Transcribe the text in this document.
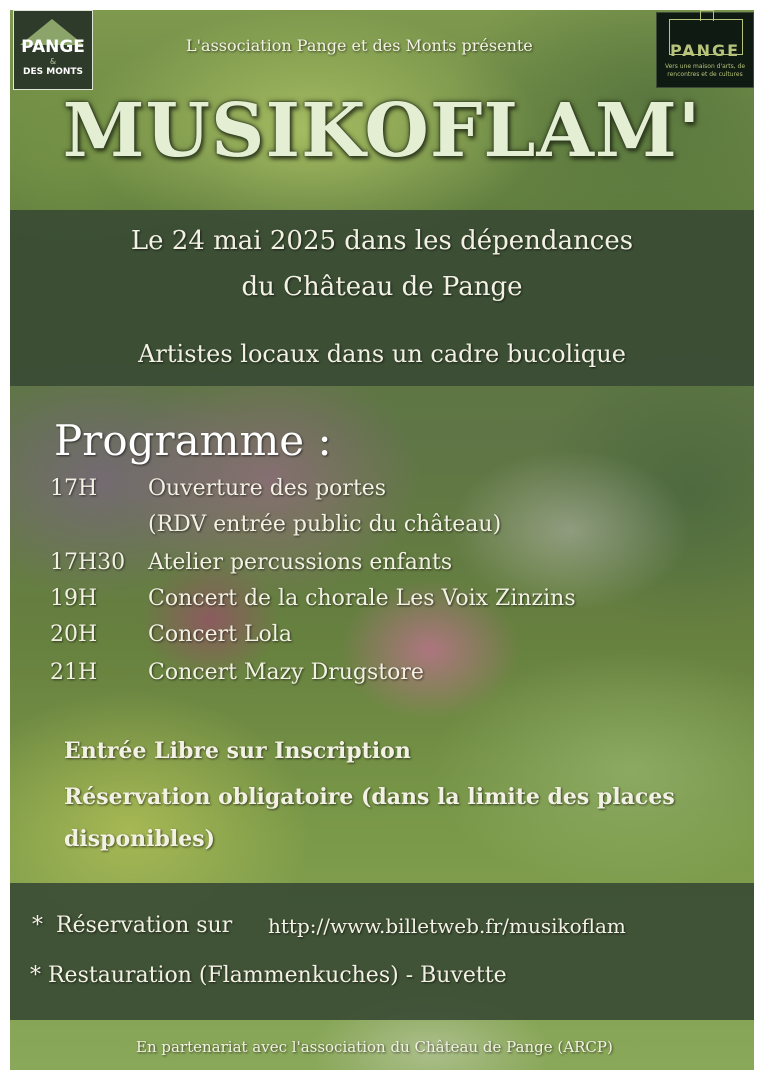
PANGE
&
DES MONTS
L'association Pange et des Monts présente	PANGE
Vers une maison d'arts, de rencontres et de cultures
MUSIKOFLAM'
Le 24 mai 2025 dans les dépendances
du Château de Pange
Artistes locaux dans un cadre bucolique
Programme :
17H Ouverture des portes
(RDV entrée public du château)
17H30 Atelier percussions enfants
19H Concert de la chorale Les Voix Zinzins
20H Concert Lola
21H Concert Mazy Drugstore
Entrée Libre sur Inscription
Réservation obligatoire (dans la limite des places
disponibles)
* Réservation sur http://www.billetweb.fr/musikoflam
* Restauration (Flammenkuches) - Buvette
En partenariat avec l'association du Château de Pange (ARCP)
